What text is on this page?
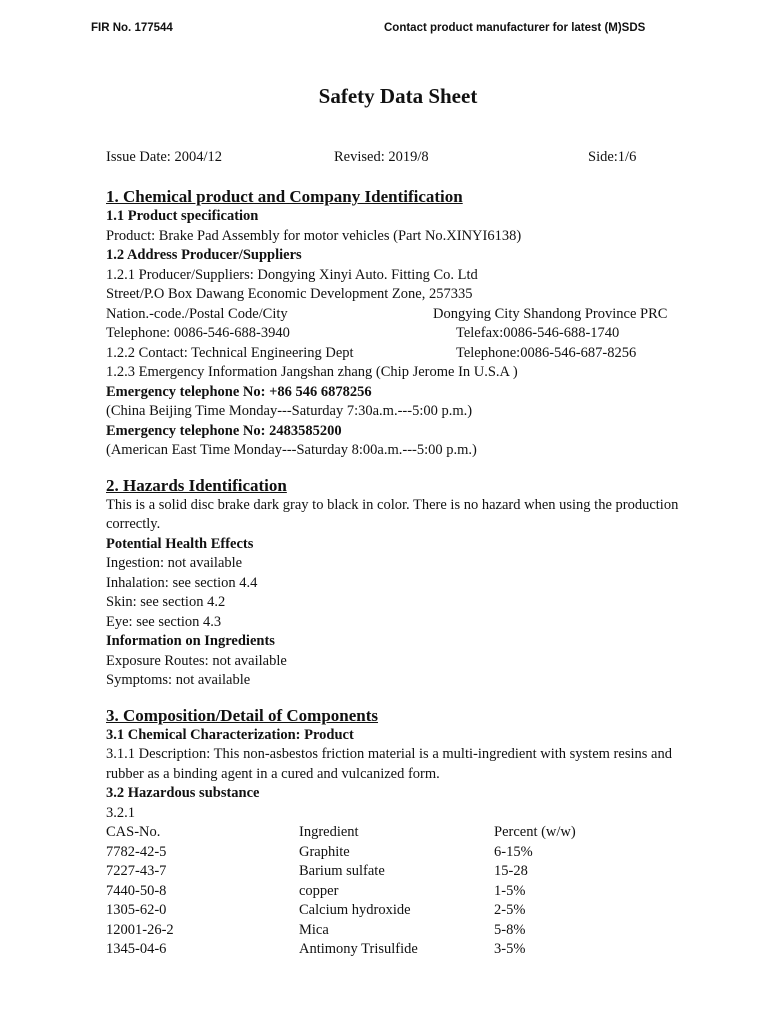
FIR No. 177544	Contact product manufacturer for latest (M)SDS
Safety Data Sheet
Issue Date: 2004/12	Revised: 2019/8	Side:1/6
1. Chemical product and Company Identification
1.1 Product specification
Product: Brake Pad Assembly for motor vehicles (Part No.XINYI6138)
1.2 Address Producer/Suppliers
1.2.1 Producer/Suppliers: Dongying Xinyi Auto. Fitting Co. Ltd
Street/P.O Box Dawang Economic Development Zone, 257335
Nation.-code./Postal Code/City	Dongying City Shandong Province PRC
Telephone: 0086-546-688-3940	Telefax:0086-546-688-1740
1.2.2 Contact: Technical Engineering Dept	Telephone:0086-546-687-8256
1.2.3 Emergency Information Jangshan zhang (Chip Jerome In U.S.A )
Emergency telephone No: +86 546 6878256
(China Beijing Time Monday---Saturday 7:30a.m.---5:00 p.m.)
Emergency telephone No: 2483585200
(American East Time Monday---Saturday 8:00a.m.---5:00 p.m.)
2. Hazards Identification
This is a solid disc brake dark gray to black in color. There is no hazard when using the production correctly.
Potential Health Effects
Ingestion: not available
Inhalation: see section 4.4
Skin: see section 4.2
Eye: see section 4.3
Information on Ingredients
Exposure Routes: not available
Symptoms: not available
3. Composition/Detail of Components
3.1 Chemical Characterization: Product
3.1.1 Description: This non-asbestos friction material is a multi-ingredient with system resins and rubber as a binding agent in a cured and vulcanized form.
3.2 Hazardous substance
3.2.1
CAS-No.	Ingredient	Percent (w/w)
7782-42-5	Graphite	6-15%
7227-43-7	Barium sulfate	15-28
7440-50-8	copper	1-5%
1305-62-0	Calcium hydroxide	2-5%
12001-26-2	Mica	5-8%
1345-04-6	Antimony Trisulfide	3-5%
